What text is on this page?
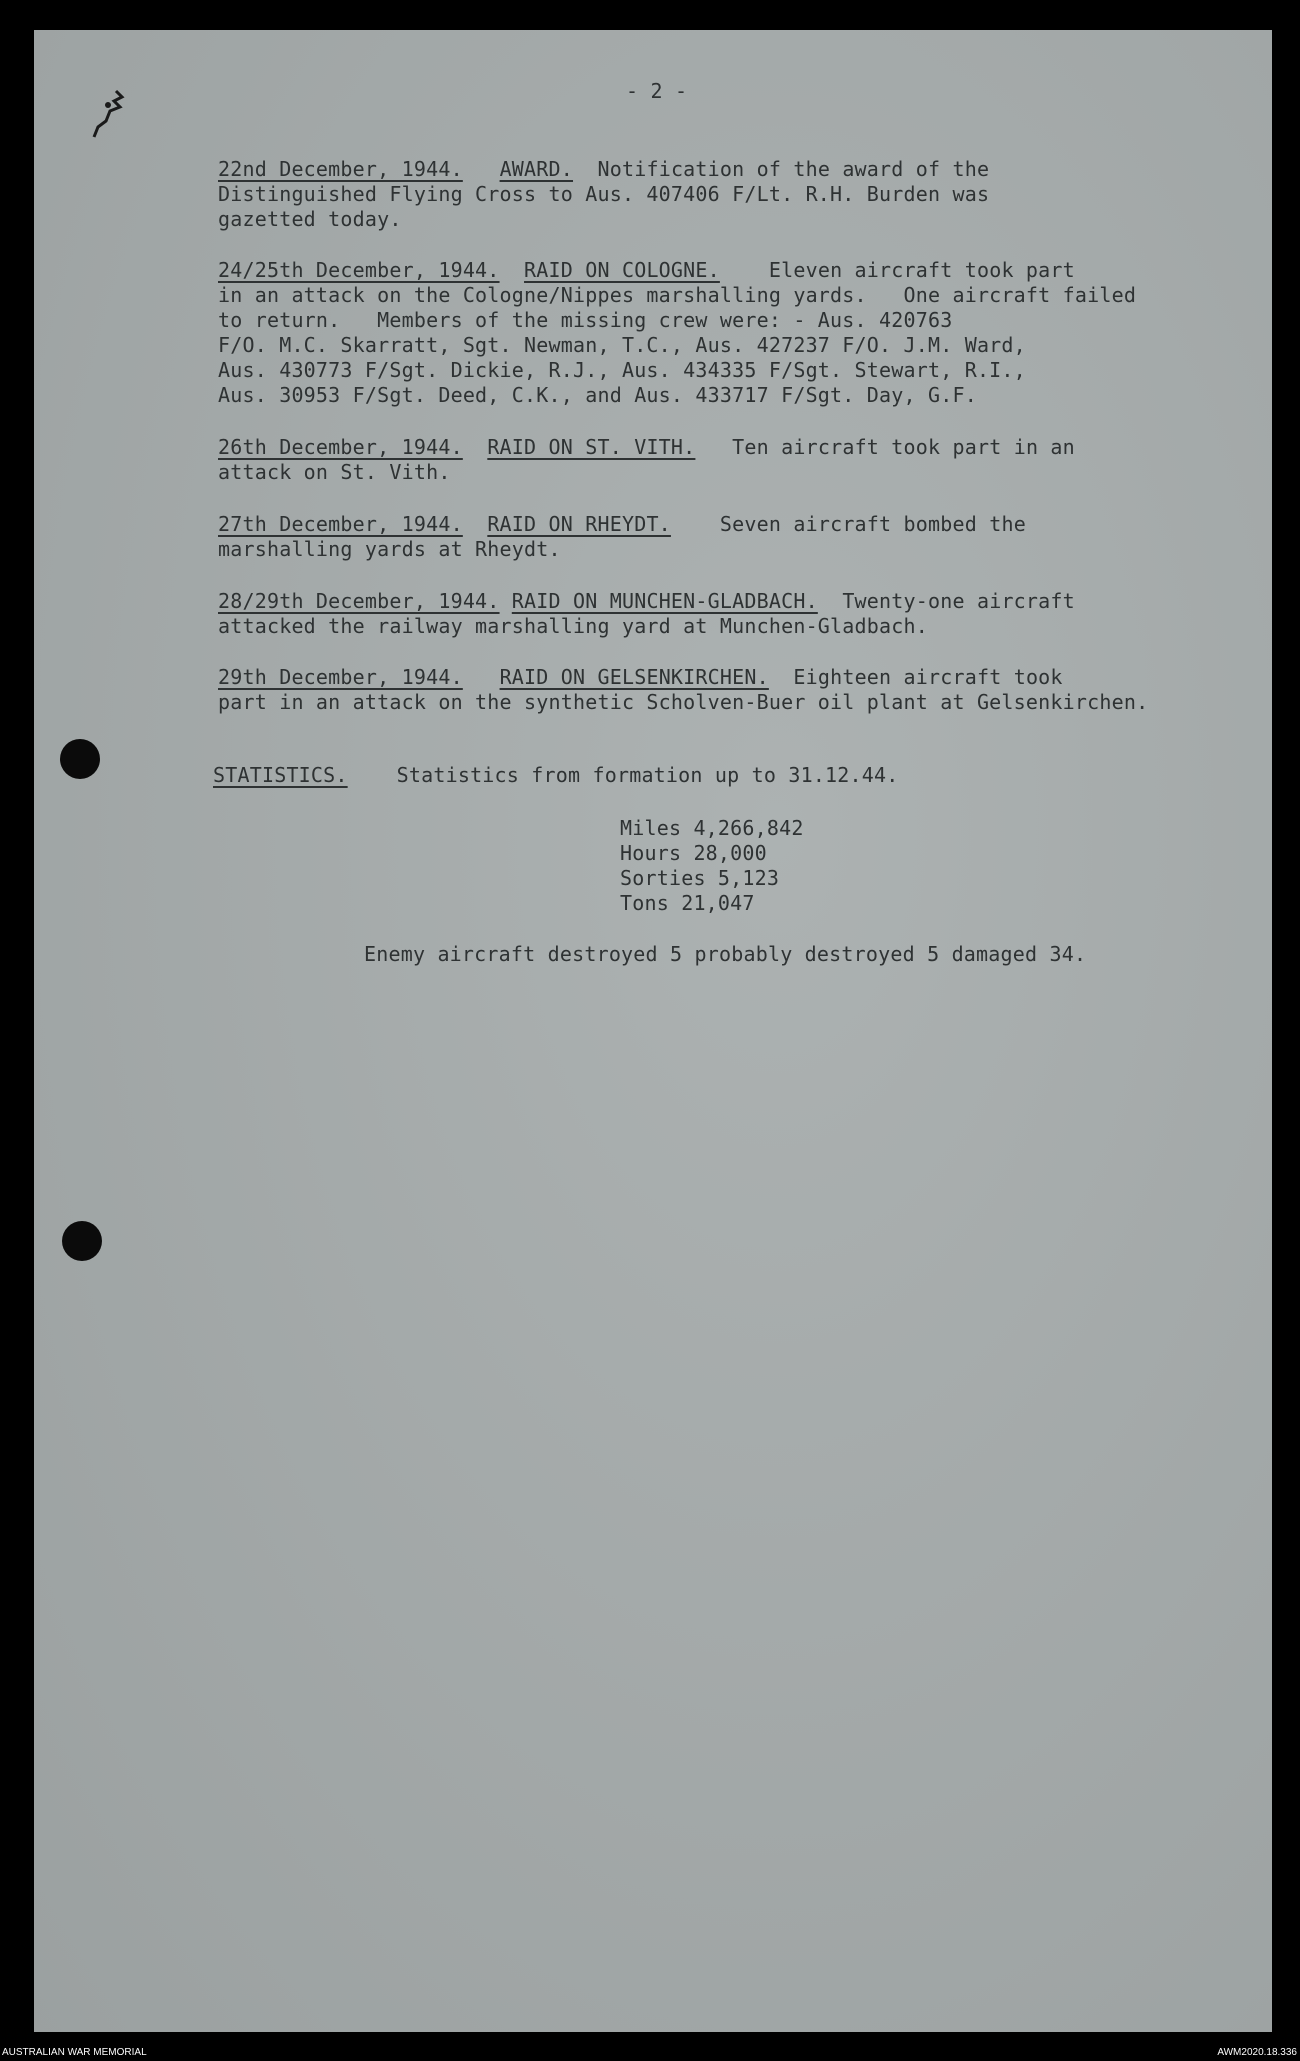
- 2 -
22nd December, 1944. AWARD. Notification of the award of the
Distinguished Flying Cross to Aus. 407406 F/Lt. R.H. Burden was
gazetted today.
24/25th December, 1944. RAID ON COLOGNE. Eleven aircraft took part
in an attack on the Cologne/Nippes marshalling yards.   One aircraft failed
to return.   Members of the missing crew were: - Aus. 420763
F/O. M.C. Skarratt, Sgt. Newman, T.C., Aus. 427237 F/O. J.M. Ward,
Aus. 430773 F/Sgt. Dickie, R.J., Aus. 434335 F/Sgt. Stewart, R.I.,
Aus. 30953 F/Sgt. Deed, C.K., and Aus. 433717 F/Sgt. Day, G.F.
26th December, 1944. RAID ON ST. VITH. Ten aircraft took part in an
attack on St. Vith.
27th December, 1944. RAID ON RHEYDT. Seven aircraft bombed the
marshalling yards at Rheydt.
28/29th December, 1944. RAID ON MUNCHEN-GLADBACH. Twenty-one aircraft
attacked the railway marshalling yard at Munchen-Gladbach.
29th December, 1944. RAID ON GELSENKIRCHEN. Eighteen aircraft took
part in an attack on the synthetic Scholven-Buer oil plant at Gelsenkirchen.
STATISTICS. Statistics from formation up to 31.12.44.
Miles 4,266,842
Hours 28,000
Sorties 5,123
Tons 21,047
Enemy aircraft destroyed 5 probably destroyed 5 damaged 34.
AUSTRALIAN WAR MEMORIAL	AWM2020.18.336
